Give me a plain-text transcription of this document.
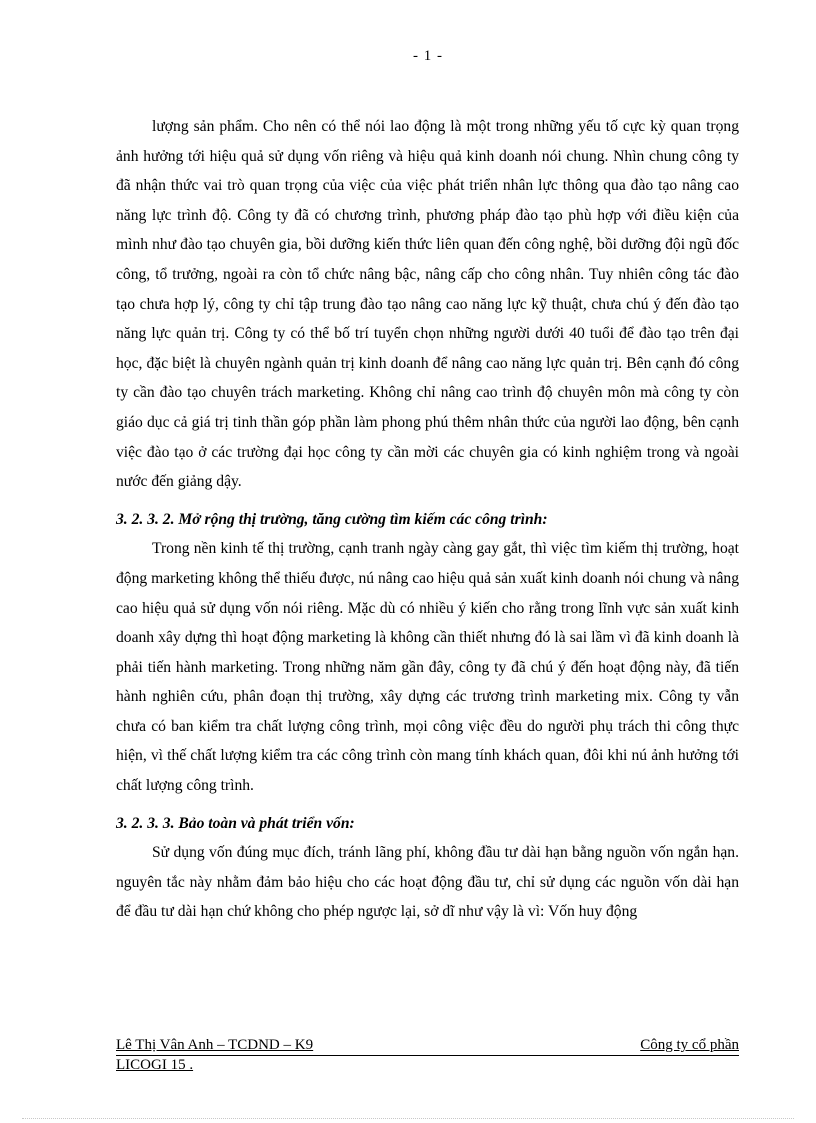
- 1 -

lượng sản phẩm. Cho nên có thể nói lao động là một trong những yếu tố cực kỳ quan trọng ảnh hưởng tới hiệu quả sử dụng vốn riêng và hiệu quả kinh doanh nói chung. Nhìn chung công ty đã nhận thức vai trò quan trọng của việc của việc phát triển nhân lực thông qua đào tạo nâng cao năng lực trình độ. Công ty đã có chương trình, phương pháp đào tạo phù hợp với điều kiện của mình như đào tạo chuyên gia, bồi dưỡng kiến thức liên quan đến công nghệ, bồi dưỡng đội ngũ đốc công, tổ trưởng, ngoài ra còn tổ chức nâng bậc, nâng cấp cho công nhân. Tuy nhiên công tác đào tạo chưa hợp lý, công ty chỉ tập trung đào tạo nâng cao năng lực kỹ thuật, chưa chú ý đến đào tạo năng lực quản trị. Công ty có thể bố trí tuyển chọn những người dưới 40 tuổi để đào tạo trên đại học, đặc biệt là chuyên ngành quản trị kinh doanh để nâng cao năng lực quản trị. Bên cạnh đó công ty cần đào tạo chuyên trách marketing. Không chỉ nâng cao trình độ chuyên môn mà công ty còn giáo dục cả giá trị tinh thần góp phần làm phong phú thêm nhân thức của người lao động, bên cạnh việc đào tạo ở các trường đại học công ty cần mời các chuyên gia có kinh nghiệm trong và ngoài nước đến giảng dậy.

3. 2. 3. 2. Mở rộng thị trường, tăng cường tìm kiếm các công trình:

Trong nền kinh tế thị trường, cạnh tranh ngày càng gay gắt, thì việc tìm kiếm thị trường, hoạt động marketing không thể thiếu được, nú nâng cao hiệu quả sản xuất kinh doanh nói chung và nâng cao hiệu quả sử dụng vốn nói riêng. Mặc dù có nhiều ý kiến cho rằng trong lĩnh vực sản xuất kinh doanh xây dựng thì hoạt động marketing là không cần thiết nhưng đó là sai lầm vì đã kinh doanh là phải tiến hành marketing. Trong những năm gần đây, công ty đã chú ý đến hoạt động này, đã tiến hành nghiên cứu, phân đoạn thị trường, xây dựng các trương trình marketing mix. Công ty vẫn chưa có ban kiểm tra chất lượng công trình, mọi công việc đều do người phụ trách thi công thực hiện, vì thế chất lượng kiểm tra các công trình còn mang tính khách quan, đôi khi nú ảnh hưởng tới chất lượng công trình.

3. 2. 3. 3. Bảo toàn và phát triển vốn:

Sử dụng vốn đúng mục đích, tránh lãng phí, không đầu tư dài hạn bằng nguồn vốn ngắn hạn. nguyên tắc này nhằm đảm bảo hiệu cho các hoạt động đầu tư, chỉ sử dụng các nguồn vốn dài hạn để đầu tư dài hạn chứ không cho phép ngược lại, sở dĩ như vậy là vì: Vốn huy động

Lê Thị Vân Anh – TCDND – K9	Công ty cổ phần
LICOGI 15 .
